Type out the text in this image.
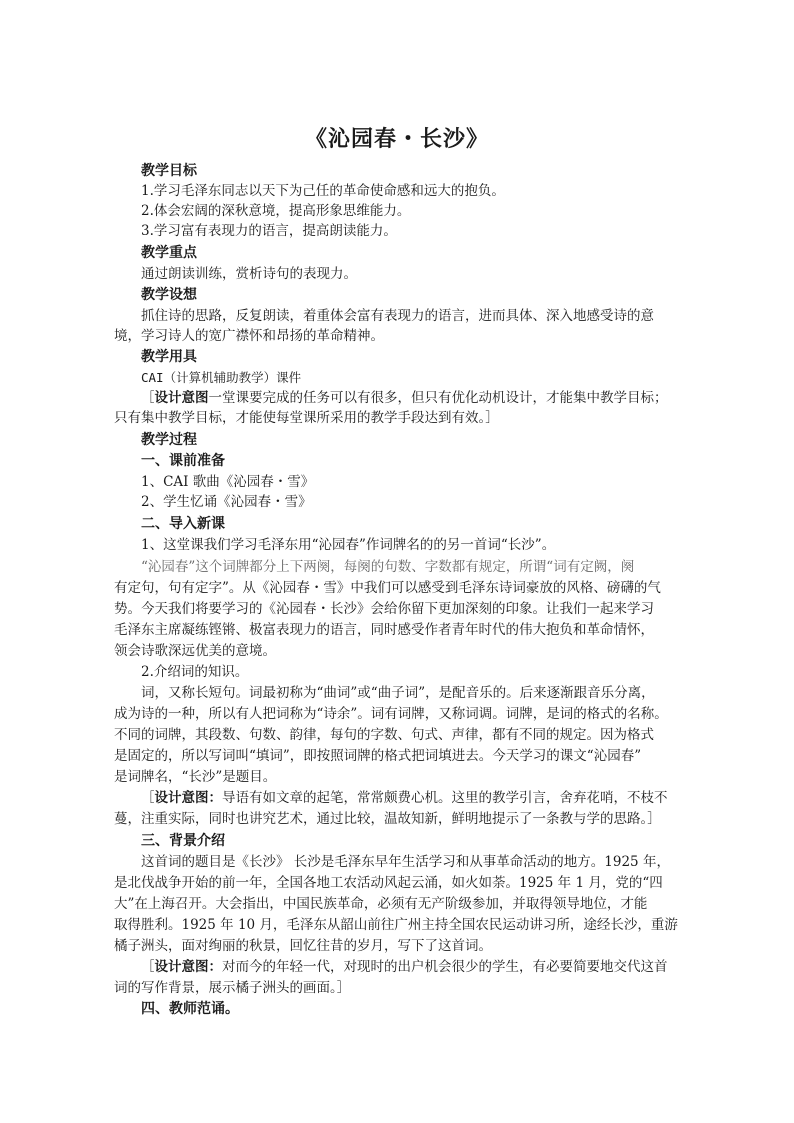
《沁园春・长沙》
教学目标
1.学习毛泽东同志以天下为己任的革命使命感和远大的抱负。
2.体会宏阔的深秋意境，提高形象思维能力。
3.学习富有表现力的语言，提高朗读能力。
教学重点
通过朗读训练，赏析诗句的表现力。
教学设想
抓住诗的思路，反复朗读，着重体会富有表现力的语言，进而具体、深入地感受诗的意
境，学习诗人的宽广襟怀和昂扬的革命精神。
教学用具
CAI（计算机辅助教学）课件
［设计意图一堂课要完成的任务可以有很多，但只有优化动机设计，才能集中教学目标；
只有集中教学目标，才能使每堂课所采用的教学手段达到有效。］
教学过程
一、课前准备
1、CAI 歌曲《沁园春・雪》
2、学生忆诵《沁园春・雪》
二、导入新课
1、这堂课我们学习毛泽东用“沁园春”作词牌名的的另一首词“长沙”。
“沁园春”这个词牌都分上下两阕，每阕的句数、字数都有规定，所谓“词有定阙，阕
有定句，句有定字”。从《沁园春・雪》中我们可以感受到毛泽东诗词豪放的风格、磅礴的气
势。今天我们将要学习的《沁园春・长沙》会给你留下更加深刻的印象。让我们一起来学习
毛泽东主席凝练铿锵、极富表现力的语言，同时感受作者青年时代的伟大抱负和革命情怀，
领会诗歌深远优美的意境。
2.介绍词的知识。
词，又称长短句。词最初称为“曲词”或“曲子词”，是配音乐的。后来逐渐跟音乐分离，
成为诗的一种，所以有人把词称为“诗余”。词有词牌，又称词调。词牌，是词的格式的名称。
不同的词牌，其段数、句数、韵律，每句的字数、句式、声律，都有不同的规定。因为格式
是固定的，所以写词叫“填词”，即按照词牌的格式把词填进去。今天学习的课文“沁园春”
是词牌名，“长沙”是题目。
［设计意图：导语有如文章的起笔，常常颇费心机。这里的教学引言，舍弃花哨，不枝不
蔓，注重实际，同时也讲究艺术，通过比较，温故知新，鲜明地提示了一条教与学的思路。］
三、背景介绍
这首词的题目是《长沙》 长沙是毛泽东早年生活学习和从事革命活动的地方。1925 年，
是北伐战争开始的前一年，全国各地工农活动风起云涌，如火如荼。1925 年 1 月，党的“四
大”在上海召开。大会指出，中国民族革命，必须有无产阶级参加，并取得领导地位，才能
取得胜利。1925 年 10 月，毛泽东从韶山前往广州主持全国农民运动讲习所，途经长沙，重游
橘子洲头，面对绚丽的秋景，回忆往昔的岁月，写下了这首词。
［设计意图：对而今的年轻一代，对现时的出户机会很少的学生，有必要简要地交代这首
词的写作背景，展示橘子洲头的画面。］
四、教师范诵。
